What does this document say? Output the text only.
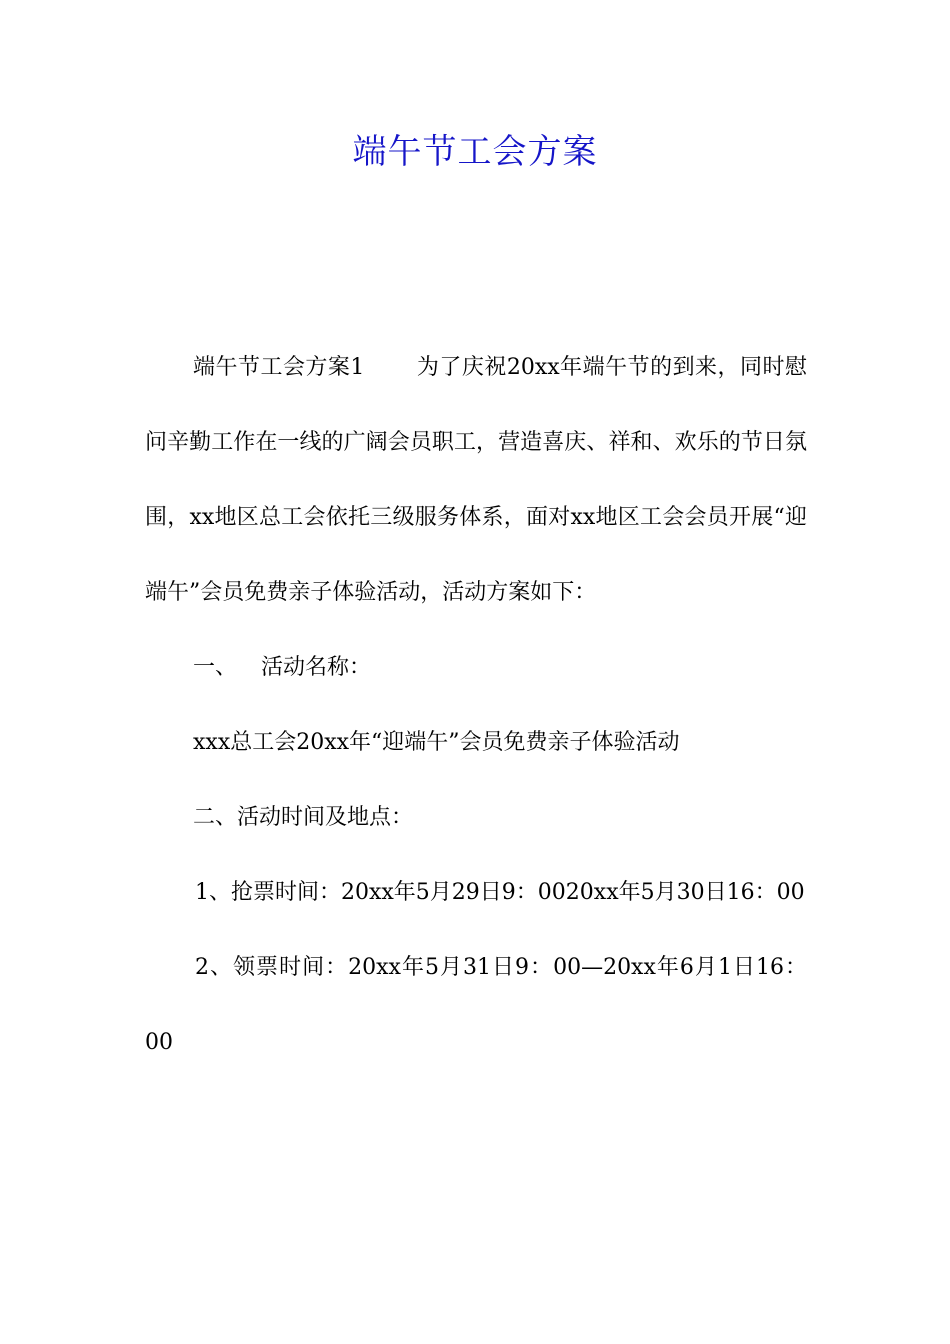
端午节工会方案

端午节工会方案1 为了庆祝20xx年端午节的到来，同时慰问辛勤工作在一线的广阔会员职工，营造喜庆、祥和、欢乐的节日氛围，xx地区总工会依托三级服务体系，面对xx地区工会会员开展“迎端午”会员免费亲子体验活动，活动方案如下：

一、 活动名称：

xxx总工会20xx年“迎端午”会员免费亲子体验活动

二、活动时间及地点：

1、抢票时间：20xx年5月29日9：0020xx年5月30日16：00

2、领票时间：20xx年5月31日9：00—20xx年6月1日16：00
